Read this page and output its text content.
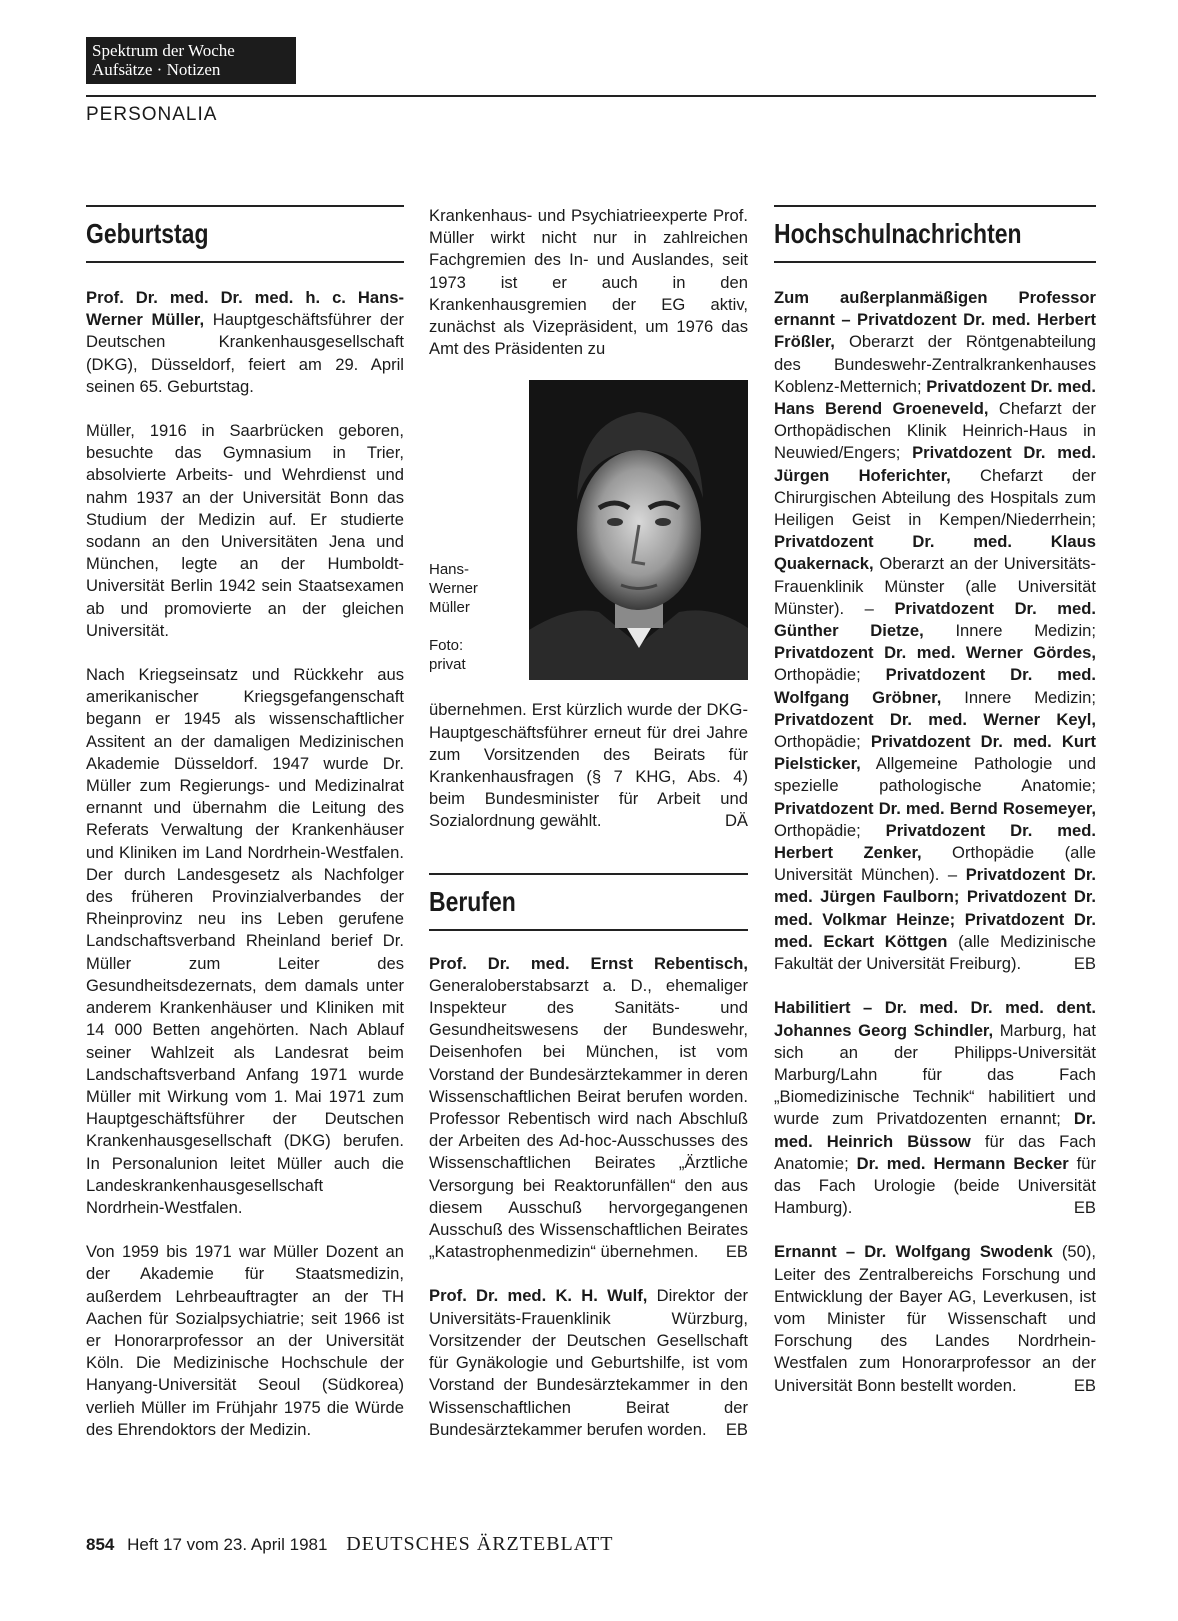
Spektrum der Woche
Aufsätze · Notizen
PERSONALIA
Geburtstag

Prof. Dr. med. Dr. med. h. c. Hans-Werner Müller, Hauptgeschäftsführer der Deutschen Krankenhausgesellschaft (DKG), Düsseldorf, feiert am 29. April seinen 65. Geburtstag.

Müller, 1916 in Saarbrücken geboren, besuchte das Gymnasium in Trier, absolvierte Arbeits- und Wehrdienst und nahm 1937 an der Universität Bonn das Studium der Medizin auf. Er studierte sodann an den Universitäten Jena und München, legte an der Humboldt-Universität Berlin 1942 sein Staatsexamen ab und promovierte an der gleichen Universität.

Nach Kriegseinsatz und Rückkehr aus amerikanischer Kriegsgefangenschaft begann er 1945 als wissenschaftlicher Assitent an der damaligen Medizinischen Akademie Düsseldorf. 1947 wurde Dr. Müller zum Regierungs- und Medizinalrat ernannt und übernahm die Leitung des Referats Verwaltung der Krankenhäuser und Kliniken im Land Nordrhein-Westfalen. Der durch Landesgesetz als Nachfolger des früheren Provinzialverbandes der Rheinprovinz neu ins Leben gerufene Landschaftsverband Rheinland berief Dr. Müller zum Leiter des Gesundheitsdezernats, dem damals unter anderem Krankenhäuser und Kliniken mit 14 000 Betten angehörten. Nach Ablauf seiner Wahlzeit als Landesrat beim Landschaftsverband Anfang 1971 wurde Müller mit Wirkung vom 1. Mai 1971 zum Hauptgeschäftsführer der Deutschen Krankenhausgesellschaft (DKG) berufen. In Personalunion leitet Müller auch die Landeskrankenhausgesellschaft Nordrhein-Westfalen.

Von 1959 bis 1971 war Müller Dozent an der Akademie für Staatsmedizin, außerdem Lehrbeauftragter an der TH Aachen für Sozialpsychiatrie; seit 1966 ist er Honorarprofessor an der Universität Köln. Die Medizinische Hochschule der Hanyang-Universität Seoul (Südkorea) verlieh Müller im Frühjahr 1975 die Würde des Ehrendoktors der Medizin.

Krankenhaus- und Psychiatrieexperte Prof. Müller wirkt nicht nur in zahlreichen Fachgremien des In- und Auslandes, seit 1973 ist er auch in den Krankenhausgremien der EG aktiv, zunächst als Vizepräsident, um 1976 das Amt des Präsidenten zu

Hans-
Werner
Müller
Foto:
privat

übernehmen. Erst kürzlich wurde der DKG-Hauptgeschäftsführer erneut für drei Jahre zum Vorsitzenden des Beirats für Krankenhausfragen (§ 7 KHG, Abs. 4) beim Bundesminister für Arbeit und Sozialordnung gewählt.	DÄ

Berufen

Prof. Dr. med. Ernst Rebentisch, Generaloberstabsarzt a. D., ehemaliger Inspekteur des Sanitäts- und Gesundheitswesens der Bundeswehr, Deisenhofen bei München, ist vom Vorstand der Bundesärztekammer in deren Wissenschaftlichen Beirat berufen worden. Professor Rebentisch wird nach Abschluß der Arbeiten des Ad-hoc-Ausschusses des Wissenschaftlichen Beirates „Ärztliche Versorgung bei Reaktorunfällen“ den aus diesem Ausschuß hervorgegangenen Ausschuß des Wissenschaftlichen Beirates „Katastrophenmedizin“ übernehmen. EB

Prof. Dr. med. K. H. Wulf, Direktor der Universitäts-Frauenklinik Würzburg, Vorsitzender der Deutschen Gesellschaft für Gynäkologie und Geburtshilfe, ist vom Vorstand der Bundesärztekammer in den Wissenschaftlichen Beirat der Bundesärztekammer berufen worden. EB

Hochschulnachrichten

Zum außerplanmäßigen Professor ernannt – Privatdozent Dr. med. Herbert Frößler, Oberarzt der Röntgenabteilung des Bundeswehr-Zentralkrankenhauses Koblenz-Metternich; Privatdozent Dr. med. Hans Berend Groeneveld, Chefarzt der Orthopädischen Klinik Heinrich-Haus in Neuwied/Engers; Privatdozent Dr. med. Jürgen Hoferichter, Chefarzt der Chirurgischen Abteilung des Hospitals zum Heiligen Geist in Kempen/Niederrhein; Privatdozent Dr. med. Klaus Quakernack, Oberarzt an der Universitäts-Frauenklinik Münster (alle Universität Münster). – Privatdozent Dr. med. Günther Dietze, Innere Medizin; Privatdozent Dr. med. Werner Gördes, Orthopädie; Privatdozent Dr. med. Wolfgang Gröbner, Innere Medizin; Privatdozent Dr. med. Werner Keyl, Orthopädie; Privatdozent Dr. med. Kurt Pielsticker, Allgemeine Pathologie und spezielle pathologische Anatomie; Privatdozent Dr. med. Bernd Rosemeyer, Orthopädie; Privatdozent Dr. med. Herbert Zenker, Orthopädie (alle Universität München). – Privatdozent Dr. med. Jürgen Faulborn; Privatdozent Dr. med. Volkmar Heinze; Privatdozent Dr. med. Eckart Köttgen (alle Medizinische Fakultät der Universität Freiburg).	EB

Habilitiert – Dr. med. Dr. med. dent. Johannes Georg Schindler, Marburg, hat sich an der Philipps-Universität Marburg/Lahn für das Fach „Biomedizinische Technik“ habilitiert und wurde zum Privatdozenten ernannt; Dr. med. Heinrich Büssow für das Fach Anatomie; Dr. med. Hermann Becker für das Fach Urologie (beide Universität Hamburg).	EB

Ernannt – Dr. Wolfgang Swodenk (50), Leiter des Zentralbereichs Forschung und Entwicklung der Bayer AG, Leverkusen, ist vom Minister für Wissenschaft und Forschung des Landes Nordrhein-Westfalen zum Honorarprofessor an der Universität Bonn bestellt worden.	EB

854 Heft 17 vom 23. April 1981 DEUTSCHES ÄRZTEBLATT
